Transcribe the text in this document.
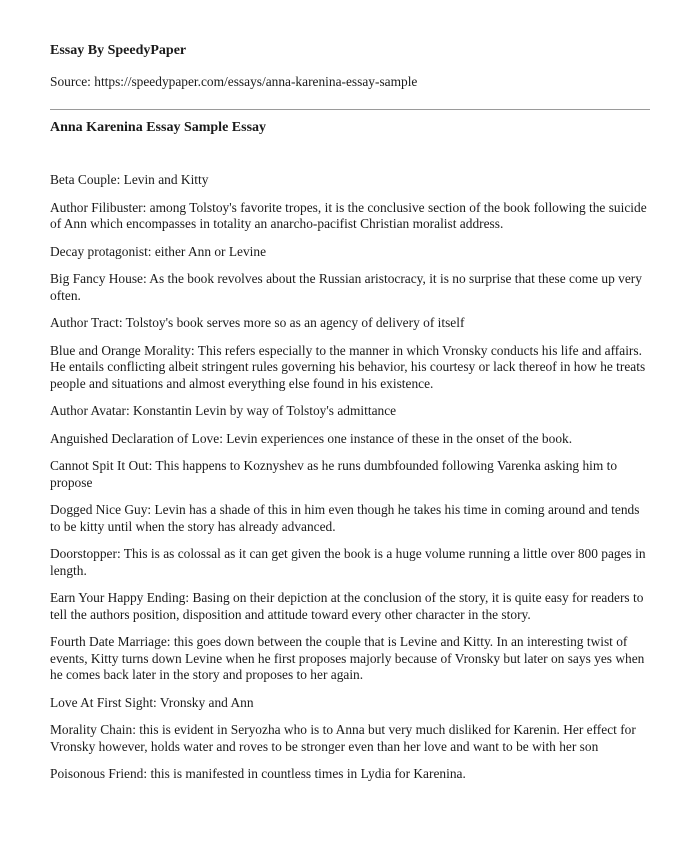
Essay By SpeedyPaper
Source: https://speedypaper.com/essays/anna-karenina-essay-sample
Anna Karenina Essay Sample Essay

Beta Couple: Levin and Kitty

Author Filibuster: among Tolstoy's favorite tropes, it is the conclusive section of the book following the suicide of Ann which encompasses in totality an anarcho-pacifist Christian moralist address.

Decay protagonist: either Ann or Levine

Big Fancy House: As the book revolves about the Russian aristocracy, it is no surprise that these come up very often.

Author Tract: Tolstoy's book serves more so as an agency of delivery of itself

Blue and Orange Morality: This refers especially to the manner in which Vronsky conducts his life and affairs. He entails conflicting albeit stringent rules governing his behavior, his courtesy or lack thereof in how he treats people and situations and almost everything else found in his existence.

Author Avatar: Konstantin Levin by way of Tolstoy's admittance

Anguished Declaration of Love: Levin experiences one instance of these in the onset of the book.

Cannot Spit It Out: This happens to Koznyshev as he runs dumbfounded following Varenka asking him to propose

Dogged Nice Guy: Levin has a shade of this in him even though he takes his time in coming around and tends to be kitty until when the story has already advanced.

Doorstopper: This is as colossal as it can get given the book is a huge volume running a little over 800 pages in length.

Earn Your Happy Ending: Basing on their depiction at the conclusion of the story, it is quite easy for readers to tell the authors position, disposition and attitude toward every other character in the story.

Fourth Date Marriage: this goes down between the couple that is Levine and Kitty. In an interesting twist of events, Kitty turns down Levine when he first proposes majorly because of Vronsky but later on says yes when he comes back later in the story and proposes to her again.

Love At First Sight: Vronsky and Ann

Morality Chain: this is evident in Seryozha who is to Anna but very much disliked for Karenin. Her effect for Vronsky however, holds water and roves to be stronger even than her love and want to be with her son

Poisonous Friend: this is manifested in countless times in Lydia for Karenina.
